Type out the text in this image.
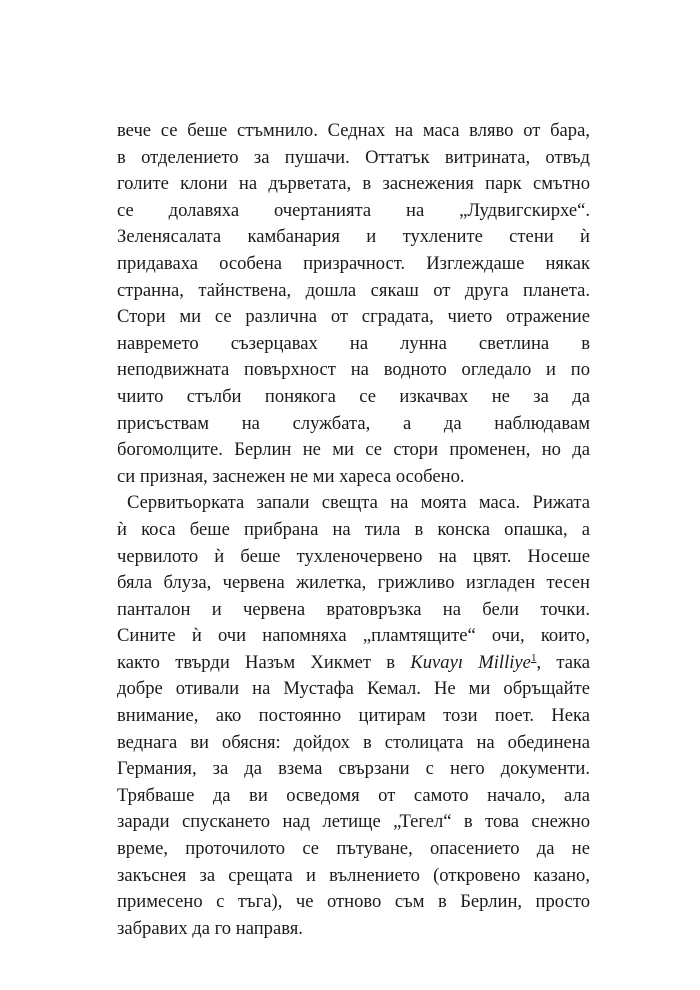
вече се беше стъмнило. Седнах на маса вляво от бара,
в отделението за пушачи. Оттатък витрината, отвъд
голите клони на дърветата, в заснежения парк смътно
се долавяха очертанията на „Лудвигскирхе“.
Зеленясалата камбанария и тухлените стени ѝ
придаваха особена призрачност. Изглеждаше някак
странна, тайнствена, дошла сякаш от друга планета.
Стори ми се различна от сградата, чието отражение
навремето съзерцавах на лунна светлина в
неподвижната повърхност на водното огледало и по
чиито стълби понякога се изкачвах не за да
присъствам на службата, а да наблюдавам
богомолците. Берлин не ми се стори променен, но да
си призная, заснежен не ми хареса особено.
Сервитьорката запали свещта на моята маса. Рижата
ѝ коса беше прибрана на тила в конска опашка, а
червилото ѝ беше тухленочервено на цвят. Носеше
бяла блуза, червена жилетка, грижливо изгладен тесен
панталон и червена вратовръзка на бели точки.
Сините ѝ очи напомняха „пламтящите“ очи, които,
както твърди Назъм Хикмет в Kuvayı Milliye$^1$, така
добре отивали на Мустафа Кемал. Не ми обръщайте
внимание, ако постоянно цитирам този поет. Нека
веднага ви обясня: дойдох в столицата на обединена
Германия, за да взема свързани с него документи.
Трябваше да ви осведомя от самото начало, ала
заради спускането над летище „Тегел“ в това снежно
време, проточилото се пътуване, опасението да не
закъснея за срещата и вълнението (откровено казано,
примесено с тъга), че отново съм в Берлин, просто
забравих да го направя.
